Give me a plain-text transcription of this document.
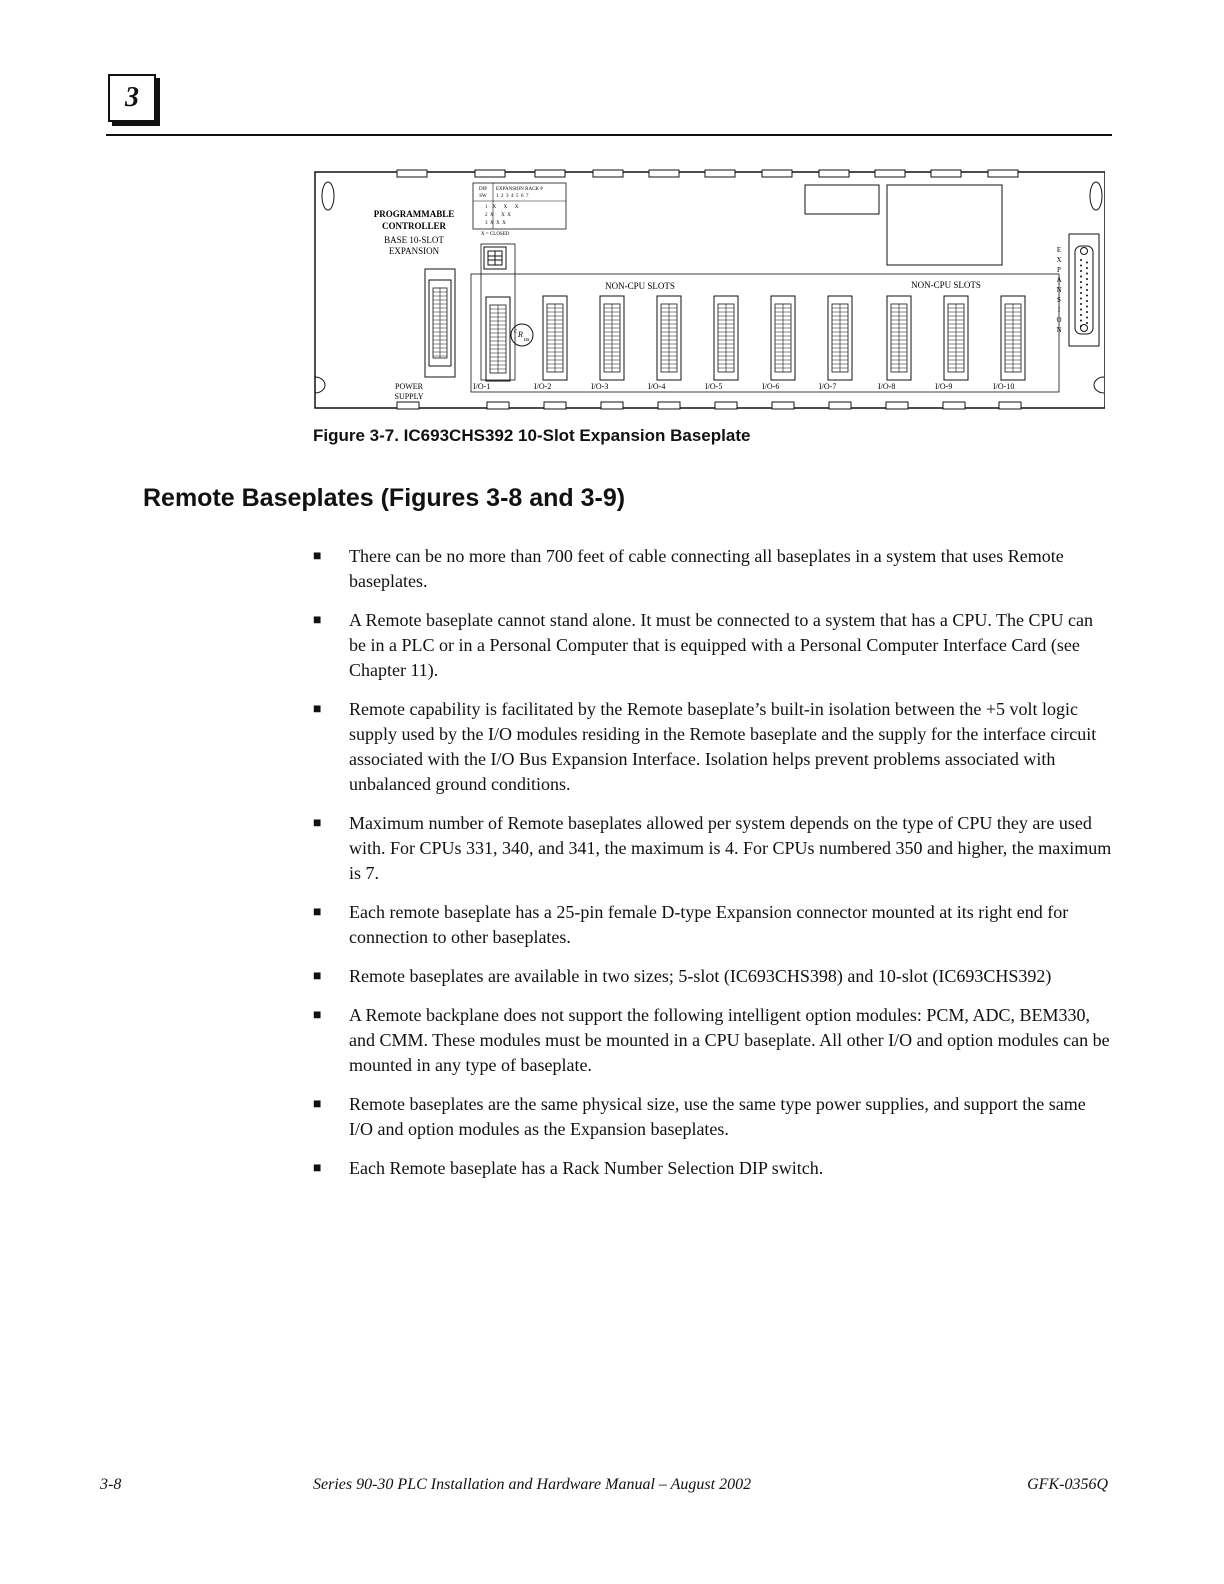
3
PROGRAMMABLE
CONTROLLER
BASE 10-SLOT
EXPANSION
DIP
SW
EXPANSION RACK #
1  2  3  4  5  6  7
1    X      X      X
2  X      X  X
3  X  X  X
X = CLOSED
NON-CPU SLOTS	NON-CPU SLOTS
c R
us
POWER
SUPPLY
I/O-1	I/O-2	I/O-3	I/O-4	I/O-5	I/O-6	I/O-7	I/O-8	I/O-9	I/O-10
E
X
P
A
N
S
I
O
N
Figure 3-7. IC693CHS392 10-Slot Expansion Baseplate
Remote Baseplates (Figures 3-8 and 3-9)
■ There can be no more than 700 feet of cable connecting all baseplates in a system that uses Remote baseplates.
■ A Remote baseplate cannot stand alone. It must be connected to a system that has a CPU. The CPU can be in a PLC or in a Personal Computer that is equipped with a Personal Computer Interface Card (see Chapter 11).
■ Remote capability is facilitated by the Remote baseplate’s built-in isolation between the +5 volt logic supply used by the I/O modules residing in the Remote baseplate and the supply for the interface circuit associated with the I/O Bus Expansion Interface. Isolation helps prevent problems associated with unbalanced ground conditions.
■ Maximum number of Remote baseplates allowed per system depends on the type of CPU they are used with. For CPUs 331, 340, and 341, the maximum is 4. For CPUs numbered 350 and higher, the maximum is 7.
■ Each remote baseplate has a 25-pin female D-type Expansion connector mounted at its right end for connection to other baseplates.
■ Remote baseplates are available in two sizes; 5-slot (IC693CHS398) and 10-slot (IC693CHS392)
■ A Remote backplane does not support the following intelligent option modules: PCM, ADC, BEM330, and CMM. These modules must be mounted in a CPU baseplate. All other I/O and option modules can be mounted in any type of baseplate.
■ Remote baseplates are the same physical size, use the same type power supplies, and support the same I/O and option modules as the Expansion baseplates.
■ Each Remote baseplate has a Rack Number Selection DIP switch.
3-8	Series 90-30 PLC Installation and Hardware Manual – August 2002	GFK-0356Q
